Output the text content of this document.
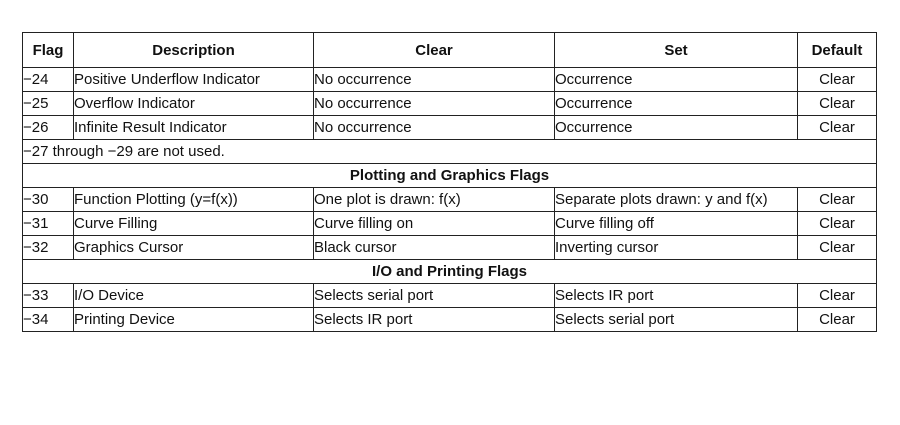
Flag	Description	Clear	Set	Default
−24	Positive Underflow Indicator	No occurrence	Occurrence	Clear
−25	Overflow Indicator	No occurrence	Occurrence	Clear
−26	Infinite Result Indicator	No occurrence	Occurrence	Clear
−27 through −29 are not used.				
Plotting and Graphics Flags				
−30	Function Plotting (y=f(x))	One plot is drawn: f(x)	Separate plots drawn: y and f(x)	Clear
−31	Curve Filling	Curve filling on	Curve filling off	Clear
−32	Graphics Cursor	Black cursor	Inverting cursor	Clear
I/O and Printing Flags				
−33	I/O Device	Selects serial port	Selects IR port	Clear
−34	Printing Device	Selects IR port	Selects serial port	Clear
